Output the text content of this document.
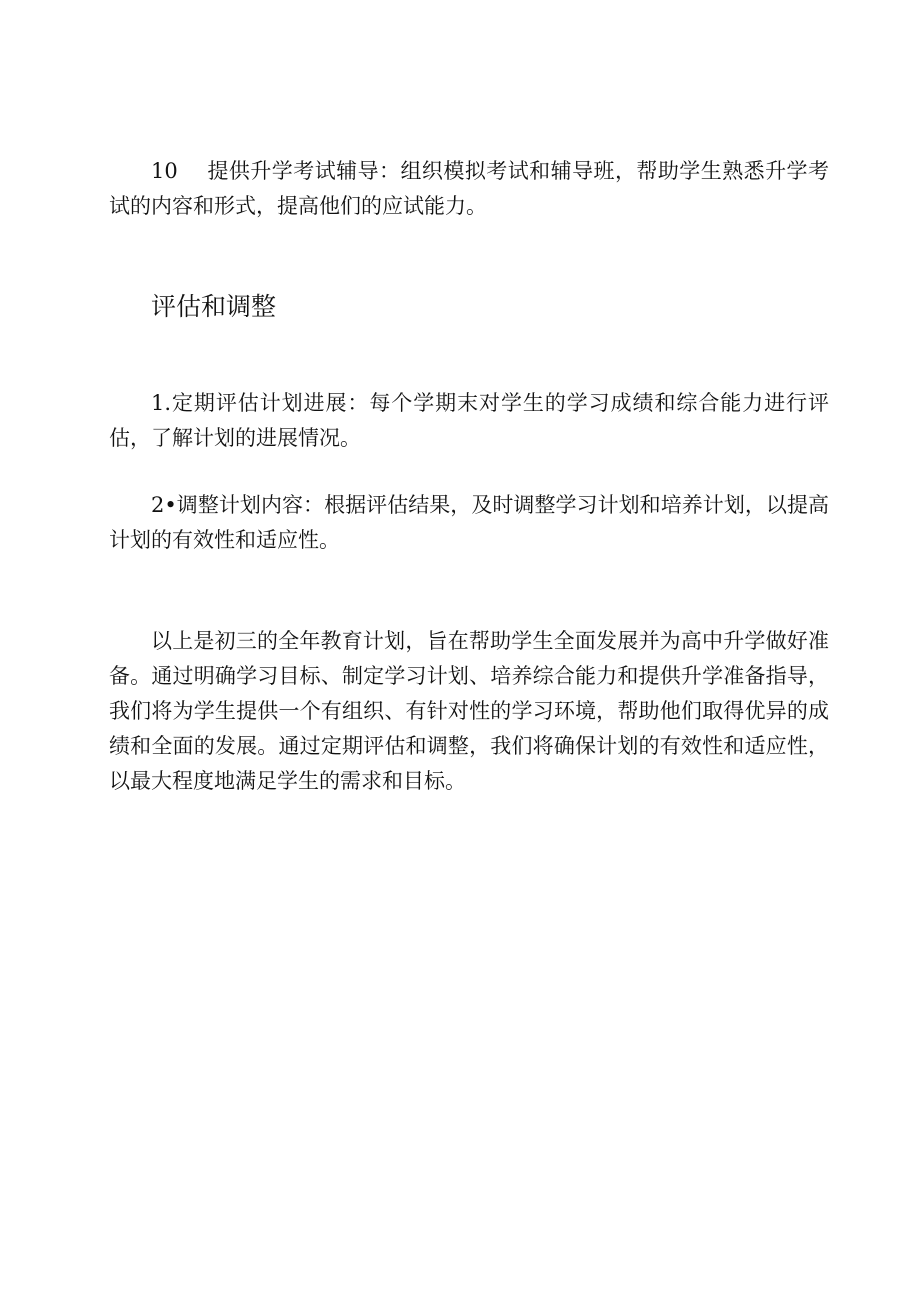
10 提供升学考试辅导：组织模拟考试和辅导班，帮助学生熟悉升学考试的内容和形式，提高他们的应试能力。

评估和调整

1.定期评估计划进展：每个学期末对学生的学习成绩和综合能力进行评估，了解计划的进展情况。

2•调整计划内容：根据评估结果，及时调整学习计划和培养计划，以提高计划的有效性和适应性。

以上是初三的全年教育计划，旨在帮助学生全面发展并为高中升学做好准备。通过明确学习目标、制定学习计划、培养综合能力和提供升学准备指导，我们将为学生提供一个有组织、有针对性的学习环境，帮助他们取得优异的成绩和全面的发展。通过定期评估和调整，我们将确保计划的有效性和适应性，以最大程度地满足学生的需求和目标。
